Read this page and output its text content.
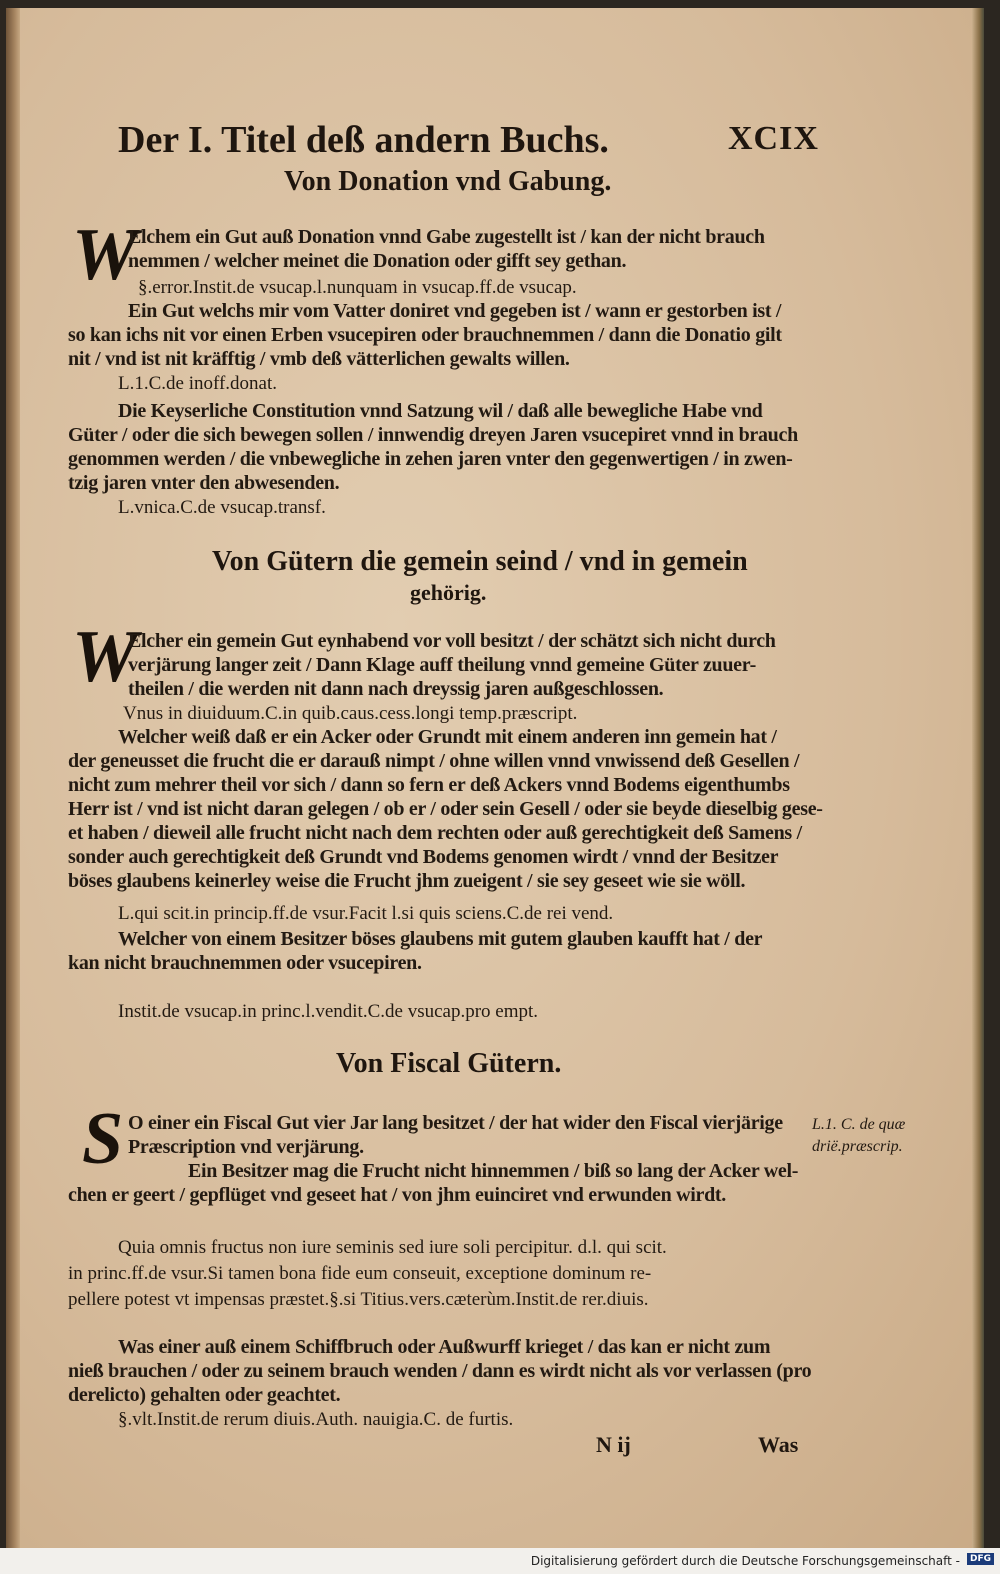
Der I. Titel deß andern Buchs.	XCIX
Von Donation vnd Gabung.
W
Elchem ein Gut auß Donation vnnd Gabe zugestellt ist / kan der nicht brauch
nemmen / welcher meinet die Donation oder gifft sey gethan.
§.error.Instit.de vsucap.l.nunquam in vsucap.ff.de vsucap.
Ein Gut welchs mir vom Vatter doniret vnd gegeben ist / wann er gestorben ist /
so kan ichs nit vor einen Erben vsucepiren oder brauchnemmen / dann die Donatio gilt
nit / vnd ist nit kräfftig / vmb deß vätterlichen gewalts willen.
L.1.C.de inoff.donat.
Die Keyserliche Constitution vnnd Satzung wil / daß alle bewegliche Habe vnd
Güter / oder die sich bewegen sollen / innwendig dreyen Jaren vsucepiret vnnd in brauch
genommen werden / die vnbewegliche in zehen jaren vnter den gegenwertigen / in zwen-
tzig jaren vnter den abwesenden.
L.vnica.C.de vsucap.transf.
Von Gütern die gemein seind / vnd in gemein
gehörig.
W
Elcher ein gemein Gut eynhabend vor voll besitzt / der schätzt sich nicht durch
verjärung langer zeit / Dann Klage auff theilung vnnd gemeine Güter zuuer-
theilen / die werden nit dann nach dreyssig jaren außgeschlossen.
Vnus in diuiduum.C.in quib.caus.cess.longi temp.præscript.
Welcher weiß daß er ein Acker oder Grundt mit einem anderen inn gemein hat /
der geneusset die frucht die er darauß nimpt / ohne willen vnnd vnwissend deß Gesellen /
nicht zum mehrer theil vor sich / dann so fern er deß Ackers vnnd Bodems eigenthumbs
Herr ist / vnd ist nicht daran gelegen / ob er / oder sein Gesell / oder sie beyde dieselbig gese-
et haben / dieweil alle frucht nicht nach dem rechten oder auß gerechtigkeit deß Samens /
sonder auch gerechtigkeit deß Grundt vnd Bodems genomen wirdt / vnnd der Besitzer
böses glaubens keinerley weise die Frucht jhm zueigent / sie sey geseet wie sie wöll.
L.qui scit.in princip.ff.de vsur.Facit l.si quis sciens.C.de rei vend.
Welcher von einem Besitzer böses glaubens mit gutem glauben kaufft hat / der
kan nicht brauchnemmen oder vsucepiren.
Instit.de vsucap.in princ.l.vendit.C.de vsucap.pro empt.
Von Fiscal Gütern.
S O einer ein Fiscal Gut vier Jar lang besitzet / der hat wider den Fiscal vierjärige
Præscription vnd verjärung.
Ein Besitzer mag die Frucht nicht hinnemmen / biß so lang der Acker wel-
chen er geert / gepflüget vnd geseet hat / von jhm euinciret vnd erwunden wirdt.
Quia omnis fructus non iure seminis sed iure soli percipitur. d.l. qui scit.
in princ.ff.de vsur.Si tamen bona fide eum conseuit, exceptione dominum re-
pellere potest vt impensas præstet.§.si Titius.vers.cæterùm.Instit.de rer.diuis.
Was einer auß einem Schiffbruch oder Außwurff krieget / das kan er nicht zum
nieß brauchen / oder zu seinem brauch wenden / dann es wirdt nicht als vor verlassen (pro
derelicto) gehalten oder geachtet.
§.vlt.Instit.de rerum diuis.Auth. nauigia.C. de furtis.
L.1. C. de quæ
drië.præscrip.
N ij	Was
Digitalisierung gefördert durch die Deutsche Forschungsgemeinschaft -	DFG
